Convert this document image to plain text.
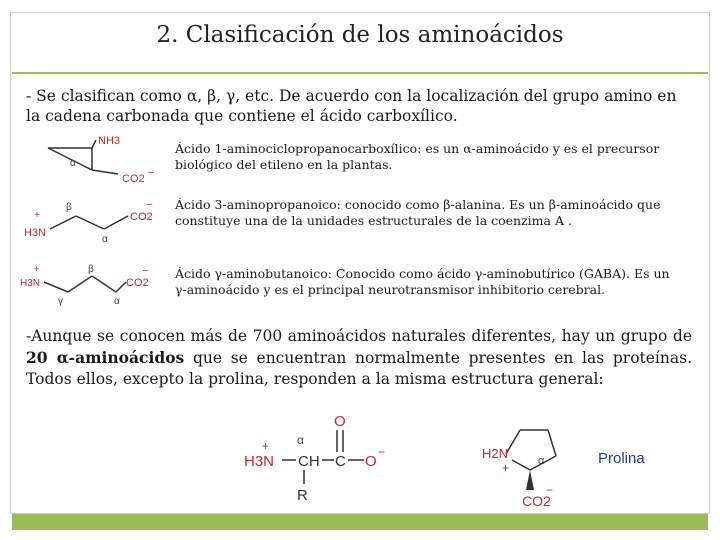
2. Clasificación de los aminoácidos
- Se clasifican como α, β, γ, etc. De acuerdo con la localización del grupo amino en la cadena carbonada que contiene el ácido carboxílico.
NH3
α
CO2 −
Ácido 1-aminociclopropanocarboxílico: es un α-aminoácido y es el precursor biológico del etileno en la plantas.
H3N
+
β
α
CO2
− Ácido 3-aminopropanoico: conocido como β-alanina. Es un β-aminoácido que constituye una de la unidades estructurales de la coenzima A .
H3N
+
γ
β
α
CO2
− Ácido γ-aminobutanoico: Conocido como ácido γ-aminobutírico (GABA). Es un γ-aminoácido y es el principal neurotransmisor inhibitorio cerebral.
-Aunque se conocen más de 700 aminoácidos naturales diferentes, hay un grupo de 20 α-aminoácidos que se encuentran normalmente presentes en las proteínas. Todos ellos, excepto la prolina, responden a la misma estructura general:
H3N
+ α
CH C
O
O
−
R
H2N
+	α
CO2
−
Prolina
